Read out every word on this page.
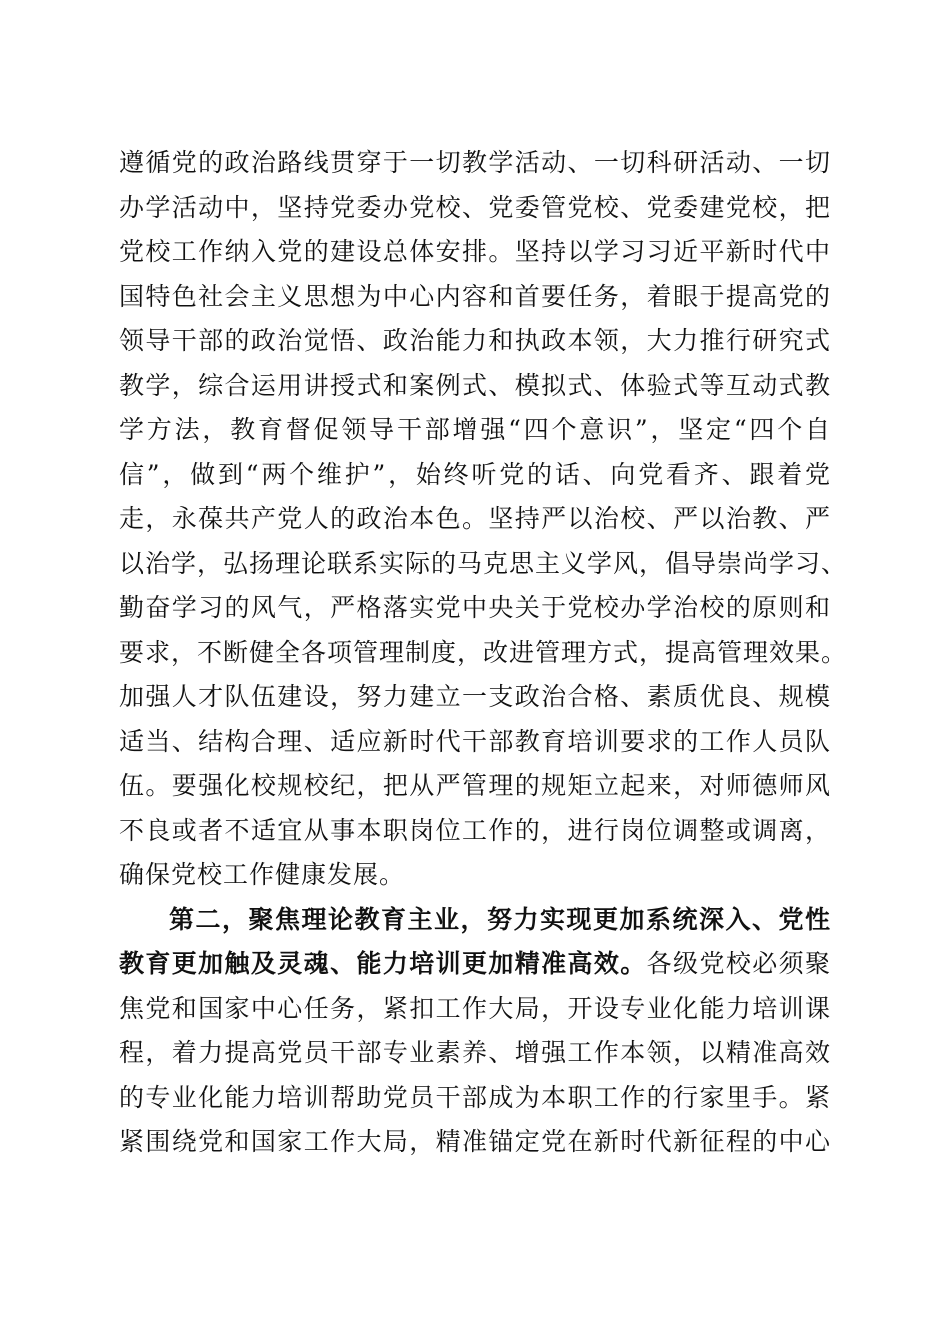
遵循党的政治路线贯穿于一切教学活动、一切科研活动、一切
办学活动中，坚持党委办党校、党委管党校、党委建党校，把
党校工作纳入党的建设总体安排。坚持以学习习近平新时代中
国特色社会主义思想为中心内容和首要任务，着眼于提高党的
领导干部的政治觉悟、政治能力和执政本领，大力推行研究式
教学，综合运用讲授式和案例式、模拟式、体验式等互动式教
学方法，教育督促领导干部增强“四个意识”，坚定“四个自
信”，做到“两个维护”，始终听党的话、向党看齐、跟着党
走，永葆共产党人的政治本色。坚持严以治校、严以治教、严
以治学，弘扬理论联系实际的马克思主义学风，倡导崇尚学习、
勤奋学习的风气，严格落实党中央关于党校办学治校的原则和
要求，不断健全各项管理制度，改进管理方式，提高管理效果。
加强人才队伍建设，努力建立一支政治合格、素质优良、规模
适当、结构合理、适应新时代干部教育培训要求的工作人员队
伍。要强化校规校纪，把从严管理的规矩立起来，对师德师风
不良或者不适宜从事本职岗位工作的，进行岗位调整或调离，
确保党校工作健康发展。
第二，聚焦理论教育主业，努力实现更加系统深入、党性
教育更加触及灵魂、能力培训更加精准高效。各级党校必须聚
焦党和国家中心任务，紧扣工作大局，开设专业化能力培训课
程，着力提高党员干部专业素养、增强工作本领，以精准高效
的专业化能力培训帮助党员干部成为本职工作的行家里手。紧
紧围绕党和国家工作大局，精准锚定党在新时代新征程的中心
